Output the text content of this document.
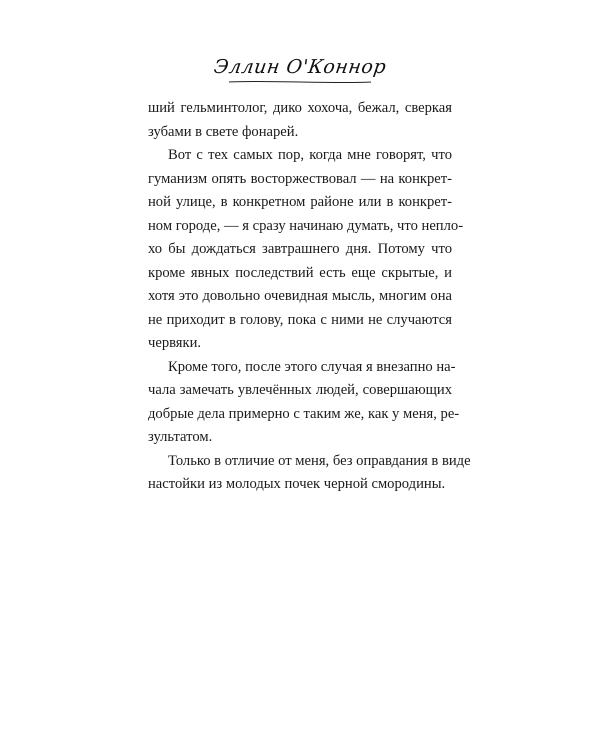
Эллин О'Коннор

ший гельминтолог, дико хохоча, бежал, сверкая
зубами в свете фонарей.

Вот с тех самых пор, когда мне говорят, что
гуманизм опять восторжествовал — на конкрет-
ной улице, в конкретном районе или в конкрет-
ном городе, — я сразу начинаю думать, что непло-
хо бы дождаться завтрашнего дня. Потому что
кроме явных последствий есть еще скрытые, и
хотя это довольно очевидная мысль, многим она
не приходит в голову, пока с ними не случаются
червяки.

Кроме того, после этого случая я внезапно на-
чала замечать увлечённых людей, совершающих
добрые дела примерно с таким же, как у меня, ре-
зультатом.

Только в отличие от меня, без оправдания в виде
настойки из молодых почек черной смородины.
